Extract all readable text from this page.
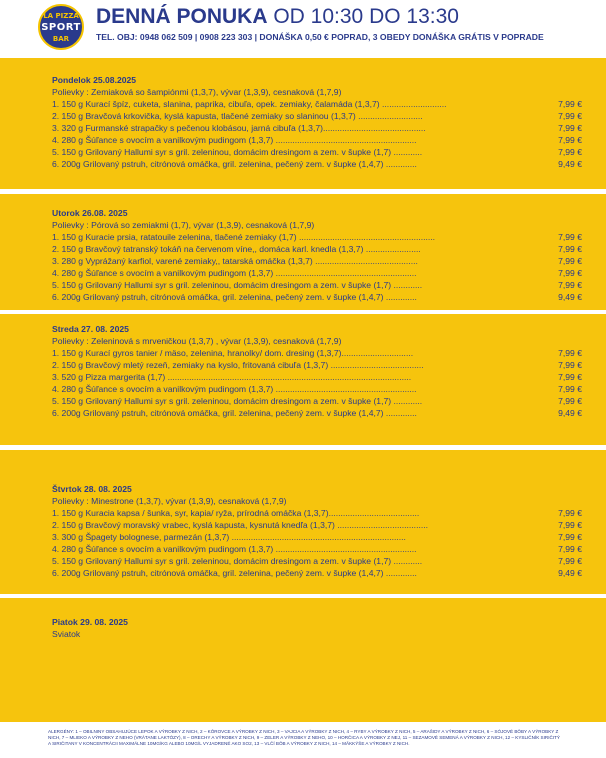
LA PIZZA
SPORT
BAR
DENNÁ PONUKA OD 10:30 DO 13:30
TEL. OBJ: 0948 062 509 | 0908 223 303 | DONÁŠKA 0,50 € POPRAD, 3 OBEDY DONÁŠKA GRÁTIS V POPRADE
Pondelok 25.08.2025
Polievky : Zemiaková so šampiónmi (1,3,7), vývar (1,3,9), cesnaková (1,7,9)
1. 150 g Kurací špíz, cuketa, slanina, paprika, cibuľa, opek. zemiaky, čalamáda (1,3,7) ...........................	7,99 €
2. 150 g Bravčová krkovička, kyslá kapusta, tlačené zemiaky so slaninou (1,3,7) ...........................	7,99 €
3. 320 g Furmanské strapačky s pečenou klobásou, jarná cibuľa (1,3,7)...........................................	7,99 €
4. 280 g Šúľance s ovocím a vanilkovým pudingom (1,3,7) ...........................................................	7,99 €
5. 150 g Grilovaný Hallumi syr s gril. zeleninou, domácim dresingom a zem. v šupke (1,7) ............	7,99 €
6. 200g Grilovaný pstruh, citrónová omáčka, gril. zelenina, pečený zem. v šupke (1,4,7) .............	9,49 €
Utorok 26.08. 2025
Polievky : Pórová so zemiakmi (1,7), vývar (1,3,9), cesnaková (1,7,9)
1. 150 g Kuracie prsia, ratatouile zelenina, tlačené zemiaky (1,7) .........................................................	7,99 €
2. 150 g Bravčový tatranský tokáň na červenom víne,, domáca karl. knedla (1,3,7) .......................	7,99 €
3. 280 g Vyprážaný karfiol, varené zemiaky,, tatarská omáčka (1,3,7) ...........................................	7,99 €
4. 280 g Šúľance s ovocím a vanilkovým pudingom (1,3,7) ...........................................................	7,99 €
5. 150 g Grilovaný Hallumi syr s gril. zeleninou, domácim dresingom a zem. v šupke (1,7) ............	7,99 €
6. 200g Grilovaný pstruh, citrónová omáčka, gril. zelenina, pečený zem. v šupke (1,4,7) .............	9,49 €
Streda 27. 08. 2025
Polievky : Zeleninová s mrveničkou (1,3,7) , vývar (1,3,9), cesnaková (1,7,9)
1. 150 g Kurací gyros tanier / mäso, zelenina, hranolky/ dom. dresing (1,3,7)..............................	7,99 €
2. 150 g Bravčový mletý rezeň, zemiaky na kyslo, fritovaná cibuľa (1,3,7) .......................................	7,99 €
3. 520 g Pizza margerita (1,7) ......................................................................................................	7,99 €
4. 280 g Šúľance s ovocím a vanilkovým pudingom (1,3,7) ...........................................................	7,99 €
5. 150 g Grilovaný Hallumi syr s gril. zeleninou, domácim dresingom a zem. v šupke (1,7) ............	7,99 €
6. 200g Grilovaný pstruh, citrónová omáčka, gril. zelenina, pečený zem. v šupke (1,4,7) .............	9,49 €
Štvrtok 28. 08. 2025
Polievky : Minestrone (1,3,7), vývar (1,3,9), cesnaková (1,7,9)
1. 150 g Kuracia kapsa / šunka, syr, kapia/ ryža, prírodná omáčka (1,3,7)......................................	7,99 €
2. 150 g Bravčový moravský vrabec, kyslá kapusta, kysnutá knedľa (1,3,7) ......................................	7,99 €
3. 300 g Špagety bolognese, parmezán (1,3,7) .........................................................................	7,99 €
4. 280 g Šúľance s ovocím a vanilkovým pudingom (1,3,7) ...........................................................	7,99 €
5. 150 g Grilovaný Hallumi syr s gril. zeleninou, domácim dresingom a zem. v šupke (1,7) ............	7,99 €
6. 200g Grilovaný pstruh, citrónová omáčka, gril. zelenina, pečený zem. v šupke (1,4,7) .............	9,49 €
Piatok 29. 08. 2025
Sviatok
ALERGÉNY: 1 – OBILNINY OBSAHUJÚCE LEPOK A VÝROBKY Z NICH, 2 – KÔROVCE A VÝROBKY Z NICH, 3 – VAJCIA A VÝROBKY Z NICH, 4 – RYBY A VÝROBKY Z NICH, 5 – ARAŠIDY A VÝROBKY Z NICH, 6 – SÓJOVÉ BÔBY A VÝROBKY Z NICH, 7 – MLIEKO A VÝROBKY Z NEHO (VRÁTANE LAKTÓZY), 8 – ORECHY A VÝROBKY Z NICH, 9 – ZELER A VÝROBKY Z NEHO, 10 – HORČICA A VÝROBKY Z NEJ, 11 – SEZAMOVÉ SEMENÁ A VÝROBKY Z NICH, 12 – KYSLIČNÍK SIRIČITÝ A SIRIČITANY V KONCENTRÁCII MAXIMÁLNE 10MG/KG ALEBO 10MG/L VYJADRENÉ AKO SO2, 13 – VLČÍ BÔB A VÝROBKY Z NICH, 14 – MÄKKÝŠE A VÝROBKY Z NICH.
